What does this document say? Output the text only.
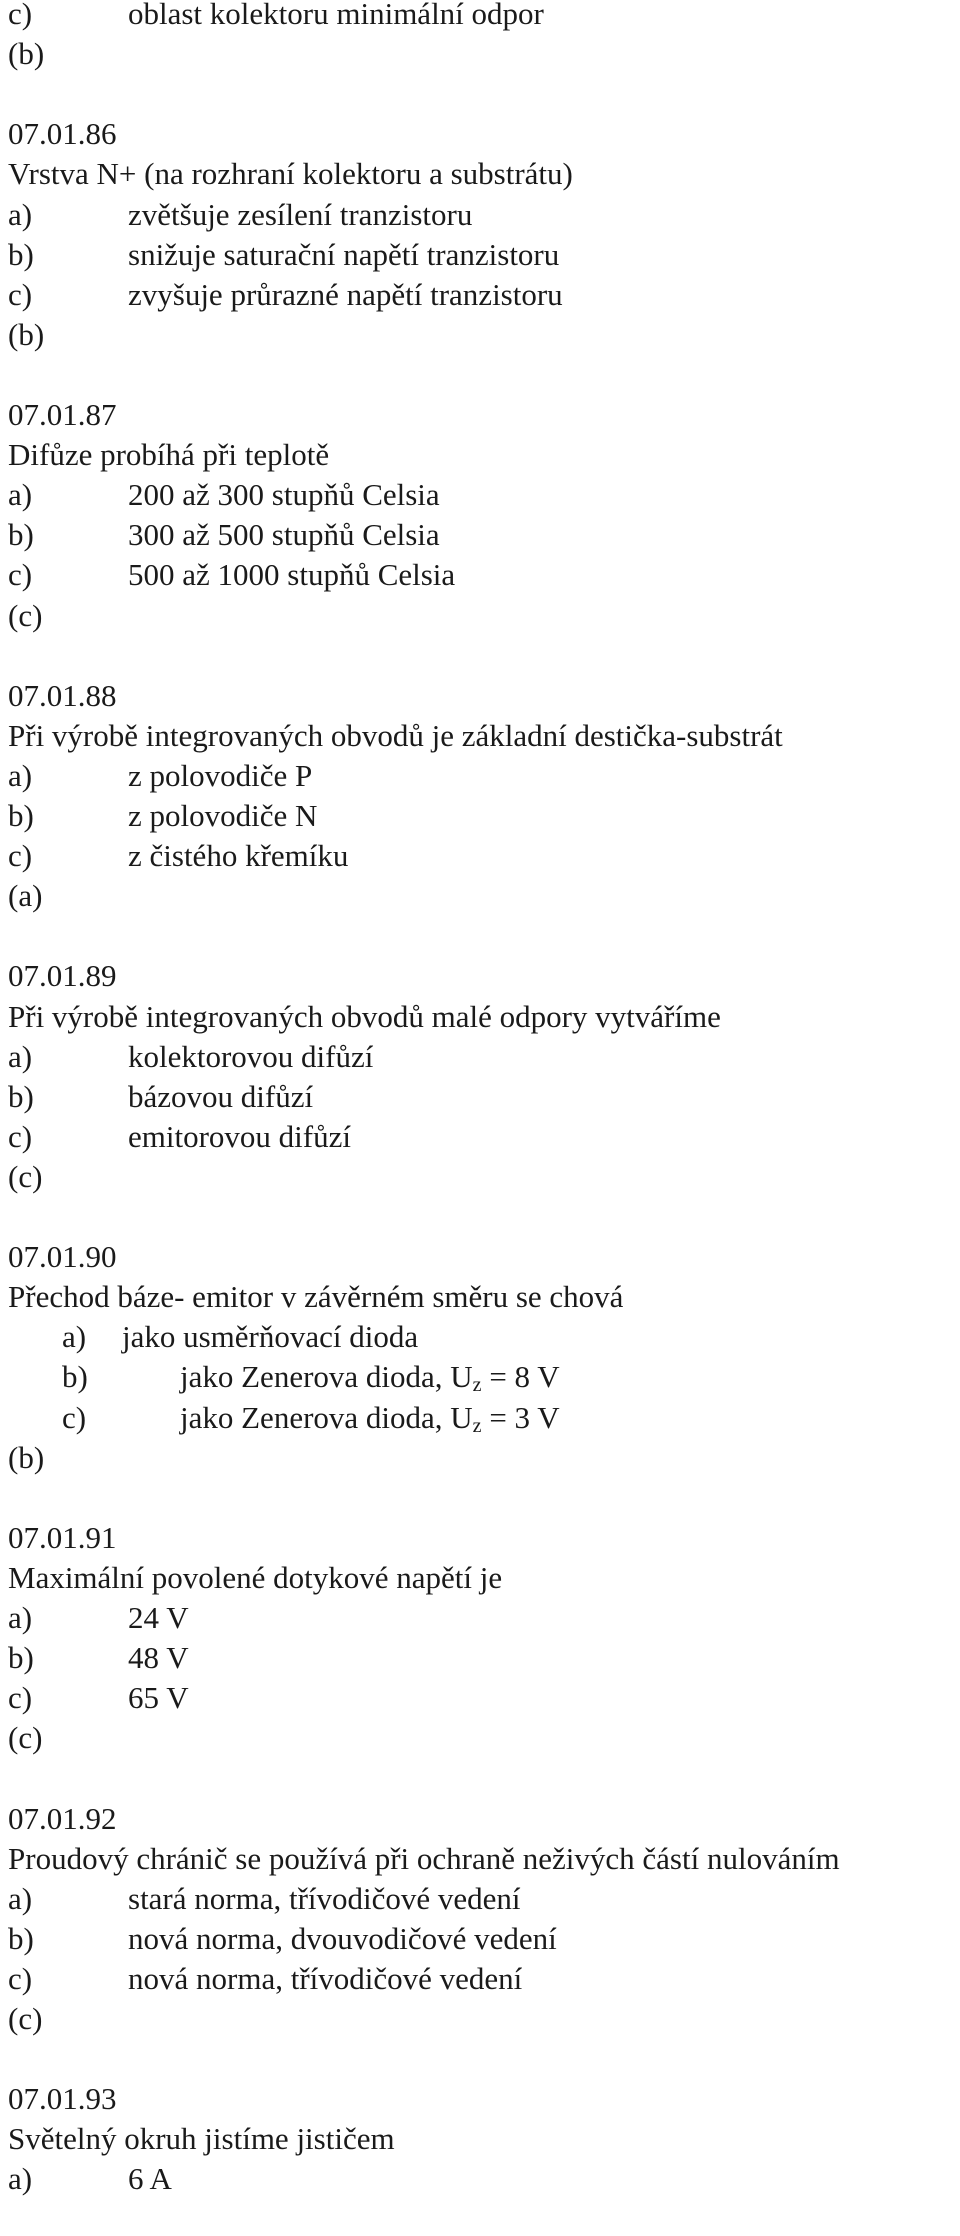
c)	oblast kolektoru minimální odpor
(b)
07.01.86
Vrstva N+ (na rozhraní kolektoru a substrátu)
a)	zvětšuje zesílení tranzistoru
b)	snižuje saturační napětí tranzistoru
c)	zvyšuje průrazné napětí tranzistoru
(b)
07.01.87
Difůze probíhá při teplotě
a)	200 až 300 stupňů Celsia
b)	300 až 500 stupňů Celsia
c)	500 až 1000 stupňů Celsia
(c)
07.01.88
Při výrobě integrovaných obvodů je základní destička-substrát
a)	z polovodiče P
b)	z polovodiče N
c)	z čistého křemíku
(a)
07.01.89
Při výrobě integrovaných obvodů malé odpory vytváříme
a)	kolektorovou difůzí
b)	bázovou difůzí
c)	emitorovou difůzí
(c)
07.01.90
Přechod báze- emitor v závěrném směru se chová
a) jako usměrňovací dioda
b)	jako Zenerova dioda, $U_z = 8$ V
c)	jako Zenerova dioda, $U_z = 3$ V
(b)
07.01.91
Maximální povolené dotykové napětí je
a)	24 V
b)	48 V
c)	65 V
(c)
07.01.92
Proudový chránič se používá při ochraně neživých částí nulováním
a)	stará norma, třívodičové vedení
b)	nová norma, dvouvodičové vedení
c)	nová norma, třívodičové vedení
(c)
07.01.93
Světelný okruh jistíme jističem
a)	6 A
